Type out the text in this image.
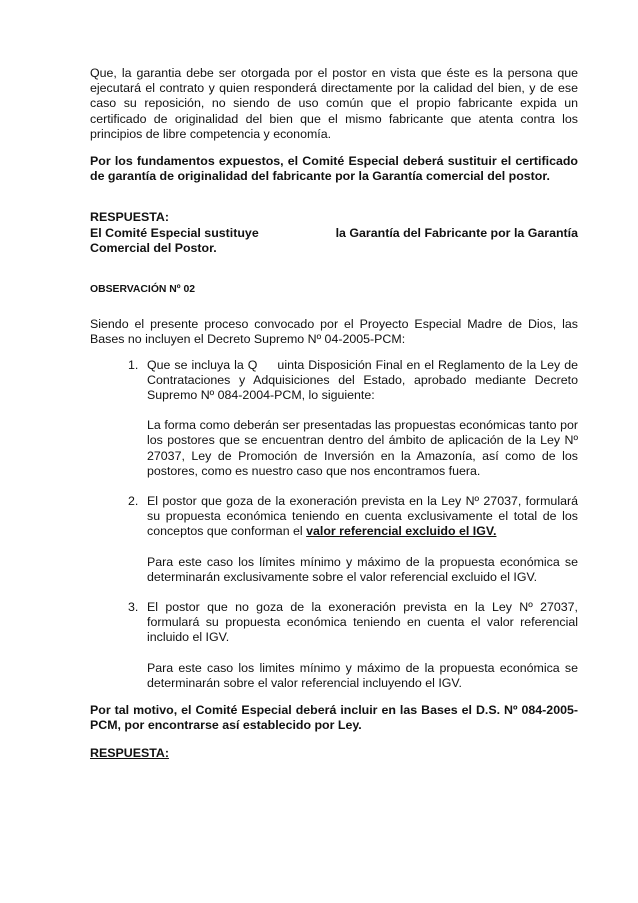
Que, la garantia debe ser otorgada por el postor en vista que éste es la persona que ejecutará el contrato y quien responderá directamente por la calidad del bien, y de ese caso su reposición, no siendo de uso común que el propio fabricante expida un certificado de originalidad del bien que el mismo fabricante que atenta contra los principios de libre competencia y economía.

Por los fundamentos expuestos, el Comité Especial deberá sustituir el certificado de garantía de originalidad del fabricante por la Garantía comercial del postor.

RESPUESTA:

El Comité Especial sustituye	la Garantía del Fabricante por la Garantía

Comercial del Postor.

OBSERVACIÓN Nº 02

Siendo el presente proceso convocado por el Proyecto Especial Madre de Dios, las Bases no incluyen el Decreto Supremo Nº 04-2005-PCM:

1. Que se incluya la Q     uinta Disposición Final en el Reglamento de la Ley de Contrataciones y Adquisiciones del Estado, aprobado mediante Decreto Supremo Nº 084-2004-PCM, lo siguiente:

La forma como deberán ser presentadas las propuestas económicas tanto por los postores que se encuentran dentro del ámbito de aplicación de la Ley Nº 27037, Ley de Promoción de Inversión en la Amazonía, así como de los postores, como es nuestro caso que nos encontramos fuera.

2. El postor que goza de la exoneración prevista en la Ley Nº 27037, formulará su propuesta económica teniendo en cuenta exclusivamente el total de los conceptos que conforman el valor referencial excluido el IGV.

Para este caso los límites mínimo y máximo de la propuesta económica se determinarán exclusivamente sobre el valor referencial excluido el IGV.

3. El postor que no goza de la exoneración prevista en la Ley Nº 27037, formulará su propuesta económica teniendo en cuenta el valor referencial incluido el IGV.

Para este caso los limites mínimo y máximo de la propuesta económica se determinarán sobre el valor referencial incluyendo el IGV.

Por tal motivo, el Comité Especial deberá incluir en las Bases el D.S. Nº 084-2005-PCM, por encontrarse así establecido por Ley.

RESPUESTA:
